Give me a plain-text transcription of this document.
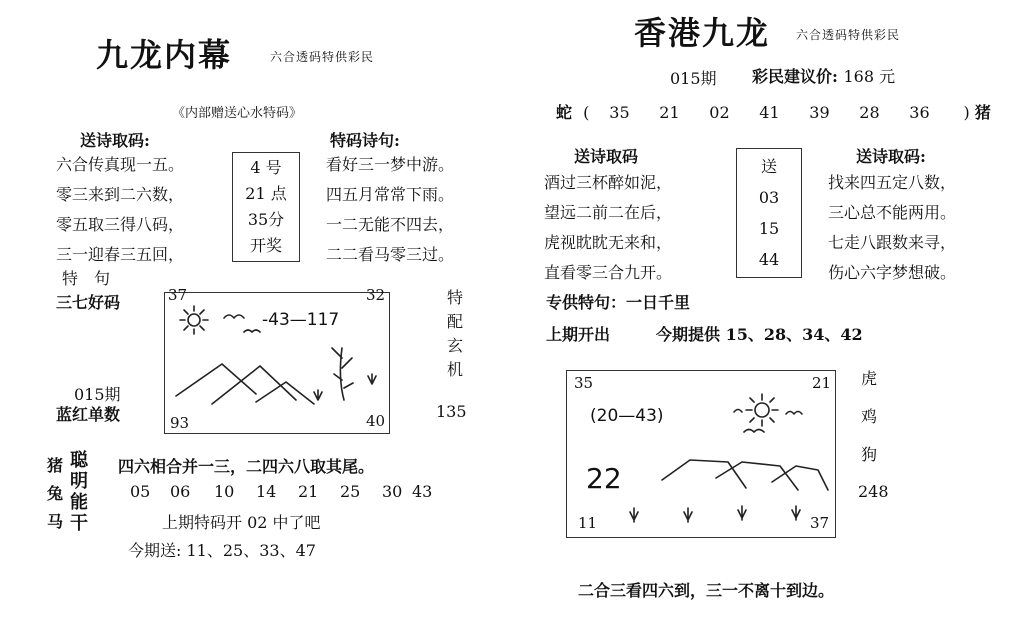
九龙内幕	六合透码特供彩民
《内部赠送心水特码》
送诗取码:	特码诗句:
六合传真现一五。
零三来到二六数，
零五取三得八码，
三一迎春三五回，
4 号
21 点
35分
开奖
看好三一梦中游。
四五月常常下雨。
一二无能不四去，
二二看马零三过。
特　句
三七好码	37	32
93	40
-43—117
特
配
玄
机
015期
蓝红单数	135
猪
兔
马
聪
明
能
干
四六相合并一三，二四六八取其尾。
05 06 10 14 21 25 30 43
上期特码开 02 中了吧
今期送: 11、25、33、47
香港九龙 六合透码特供彩民
015期 彩民建议价: 168 元
蛇 ( 35 21 02 41 39 28 36 ) 猪
送诗取码	送诗取码:
酒过三杯醉如泥，
望远二前二在后，
虎视眈眈无来和，
直看零三合九开。
送
03
15
44
找来四五定八数，
三心总不能两用。
七走八跟数来寻，
伤心六字梦想破。
专供特句：一日千里
上期开出	今期提供 15、28、34、42
35	21
11	37
(20—43)
22
虎
鸡
狗
248
二合三看四六到，三一不离十到边。
